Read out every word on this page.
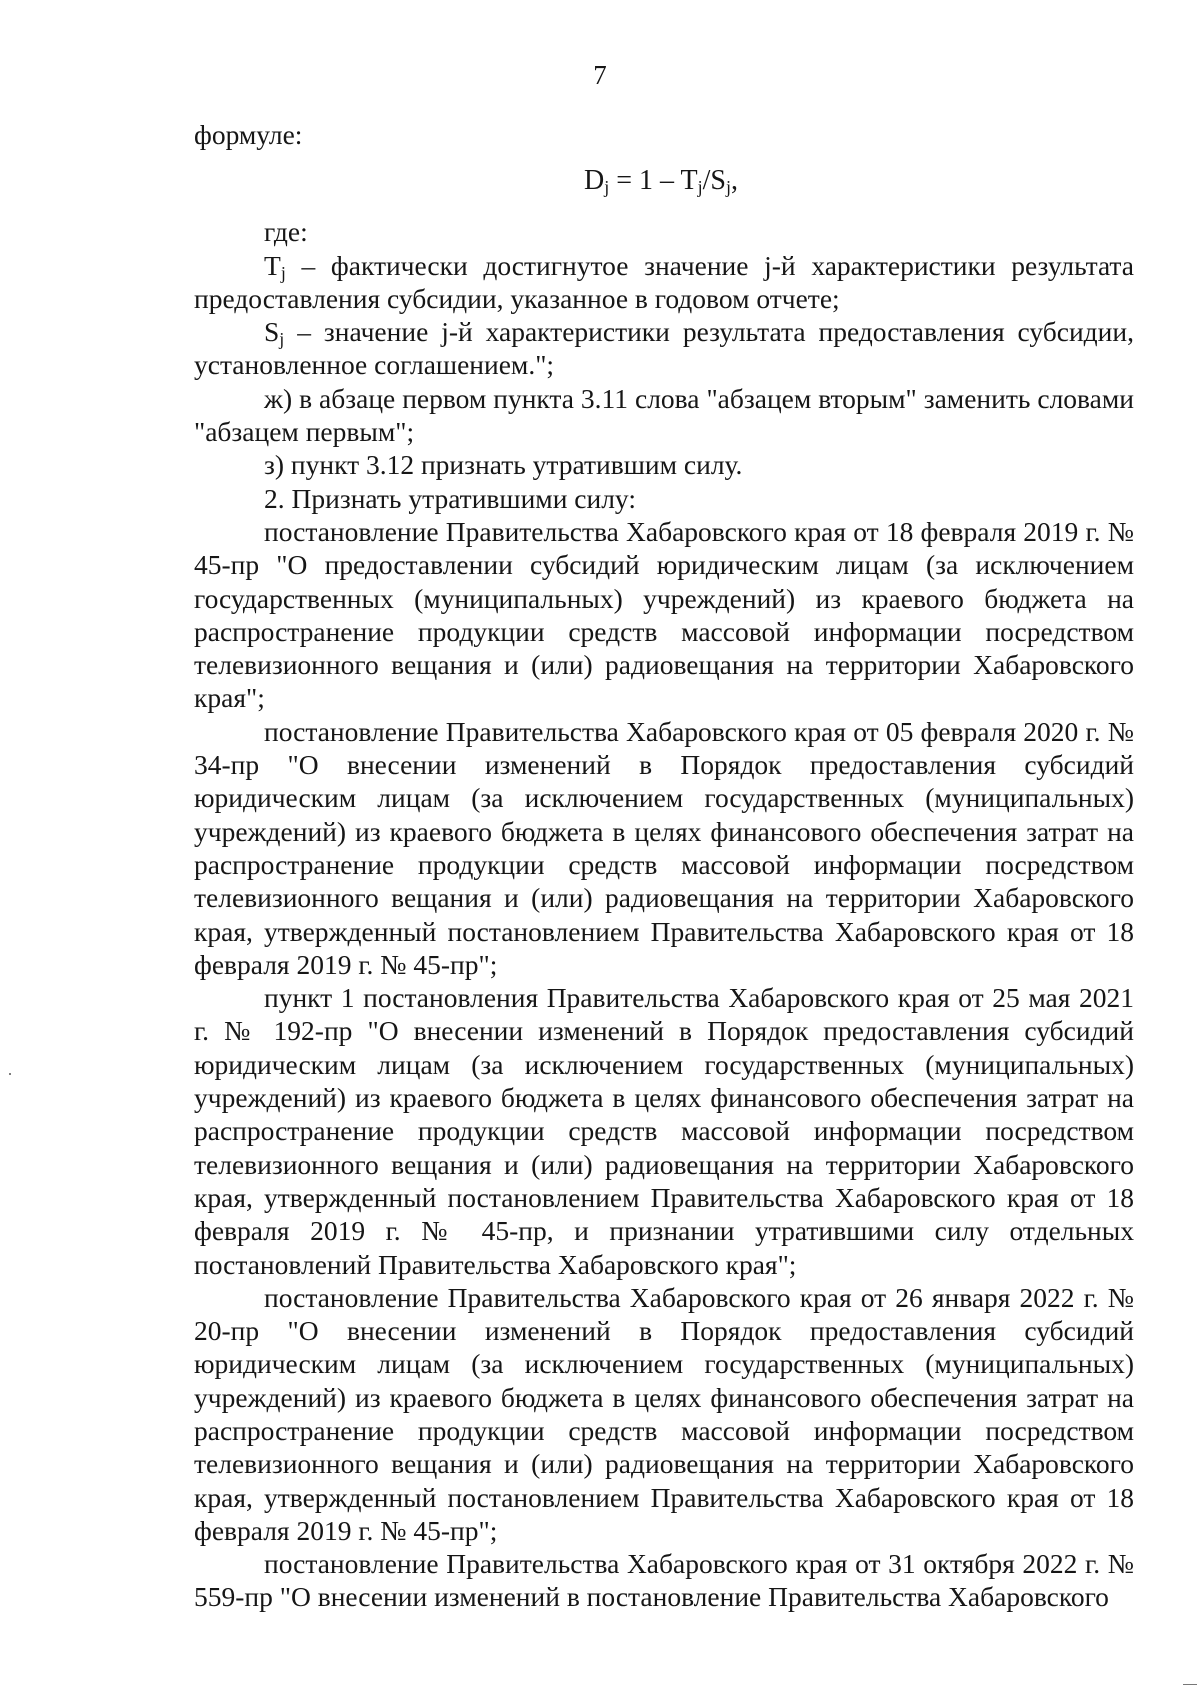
7

формуле:

$D_j = 1 - T_j/S_j$,

где:

$T_j$ – фактически достигнутое значение j-й характеристики результата предоставления субсидии, указанное в годовом отчете;

$S_j$ – значение j-й характеристики результата предоставления субсидии, установленное соглашением.";

ж) в абзаце первом пункта 3.11 слова "абзацем вторым" заменить словами "абзацем первым";

з) пункт 3.12 признать утратившим силу.

2. Признать утратившими силу:

постановление Правительства Хабаровского края от 18 февраля 2019 г. № 45-пр "О предоставлении субсидий юридическим лицам (за исключением государственных (муниципальных) учреждений) из краевого бюджета на распространение продукции средств массовой информации посредством телевизионного вещания и (или) радиовещания на территории Хабаровского края";

постановление Правительства Хабаровского края от 05 февраля 2020 г. № 34-пр "О внесении изменений в Порядок предоставления субсидий юридическим лицам (за исключением государственных (муниципальных) учреждений) из краевого бюджета в целях финансового обеспечения затрат на распространение продукции средств массовой информации посредством телевизионного вещания и (или) радиовещания на территории Хабаровского края, утвержденный постановлением Правительства Хабаровского края от 18 февраля 2019 г. № 45-пр";

пункт 1 постановления Правительства Хабаровского края от 25 мая 2021 г. № 192-пр "О внесении изменений в Порядок предоставления субсидий юридическим лицам (за исключением государственных (муниципальных) учреждений) из краевого бюджета в целях финансового обеспечения затрат на распространение продукции средств массовой информации посредством телевизионного вещания и (или) радиовещания на территории Хабаровского края, утвержденный постановлением Правительства Хабаровского края от 18 февраля 2019 г. № 45-пр, и признании утратившими силу отдельных постановлений Правительства Хабаровского края";

постановление Правительства Хабаровского края от 26 января 2022 г. № 20-пр "О внесении изменений в Порядок предоставления субсидий юридическим лицам (за исключением государственных (муниципальных) учреждений) из краевого бюджета в целях финансового обеспечения затрат на распространение продукции средств массовой информации посредством телевизионного вещания и (или) радиовещания на территории Хабаровского края, утвержденный постановлением Правительства Хабаровского края от 18 февраля 2019 г. № 45-пр";

постановление Правительства Хабаровского края от 31 октября 2022 г. № 559-пр "О внесении изменений в постановление Правительства Хабаровского
